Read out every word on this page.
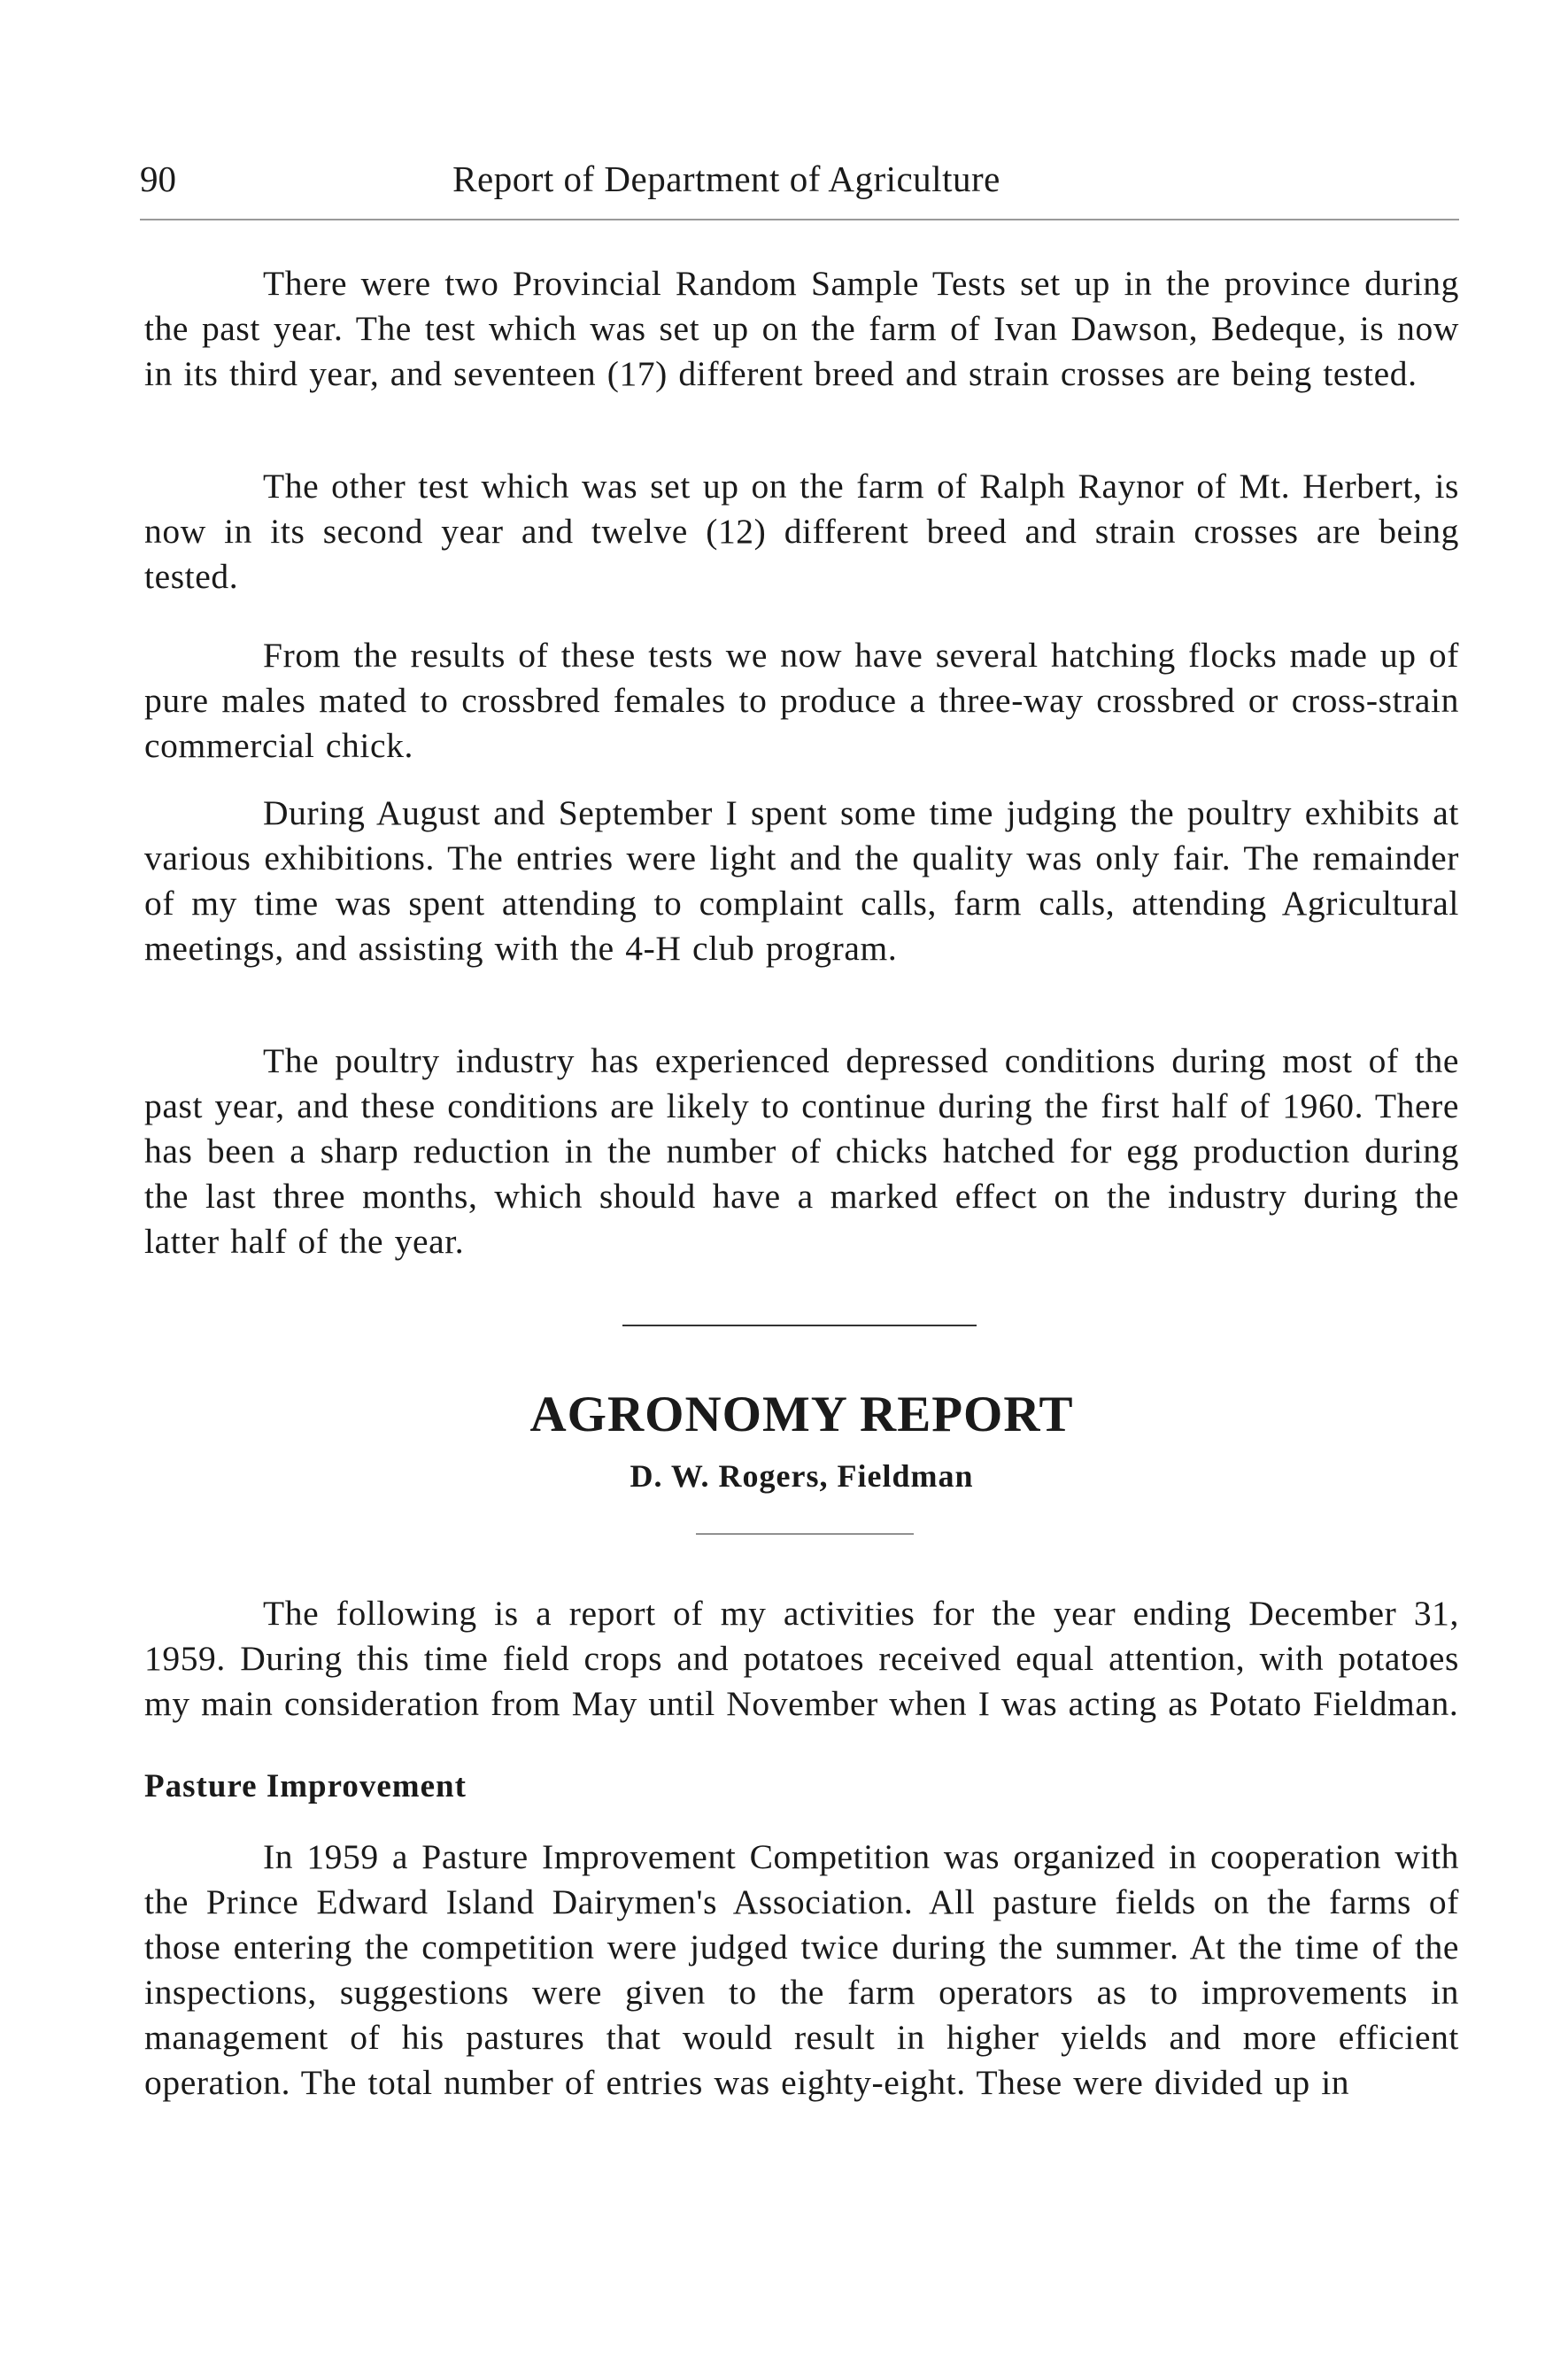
90	Report of Department of Agriculture

There were two Provincial Random Sample Tests set up in the province during the past year. The test which was set up on the farm of Ivan Dawson, Bedeque, is now in its third year, and seventeen (17) different breed and strain crosses are being tested.

The other test which was set up on the farm of Ralph Raynor of Mt. Herbert, is now in its second year and twelve (12) different breed and strain crosses are being tested.

From the results of these tests we now have several hatching flocks made up of pure males mated to crossbred females to produce a three-way crossbred or cross-strain commercial chick.

During August and September I spent some time judging the poultry exhibits at various exhibitions. The entries were light and the quality was only fair. The remainder of my time was spent attending to complaint calls, farm calls, attending Agricultural meetings, and assisting with the 4-H club program.

The poultry industry has experienced depressed conditions during most of the past year, and these conditions are likely to continue during the first half of 1960. There has been a sharp reduction in the number of chicks hatched for egg production during the last three months, which should have a marked effect on the industry during the latter half of the year.

AGRONOMY REPORT
D. W. Rogers, Fieldman

The following is a report of my activities for the year ending December 31, 1959. During this time field crops and potatoes received equal attention, with potatoes my main consideration from May until November when I was acting as Potato Fieldman.

Pasture Improvement

In 1959 a Pasture Improvement Competition was organized in cooperation with the Prince Edward Island Dairymen's Association. All pasture fields on the farms of those entering the competition were judged twice during the summer. At the time of the inspections, suggestions were given to the farm operators as to improvements in management of his pastures that would result in higher yields and more efficient operation. The total number of entries was eighty-eight. These were divided up in
